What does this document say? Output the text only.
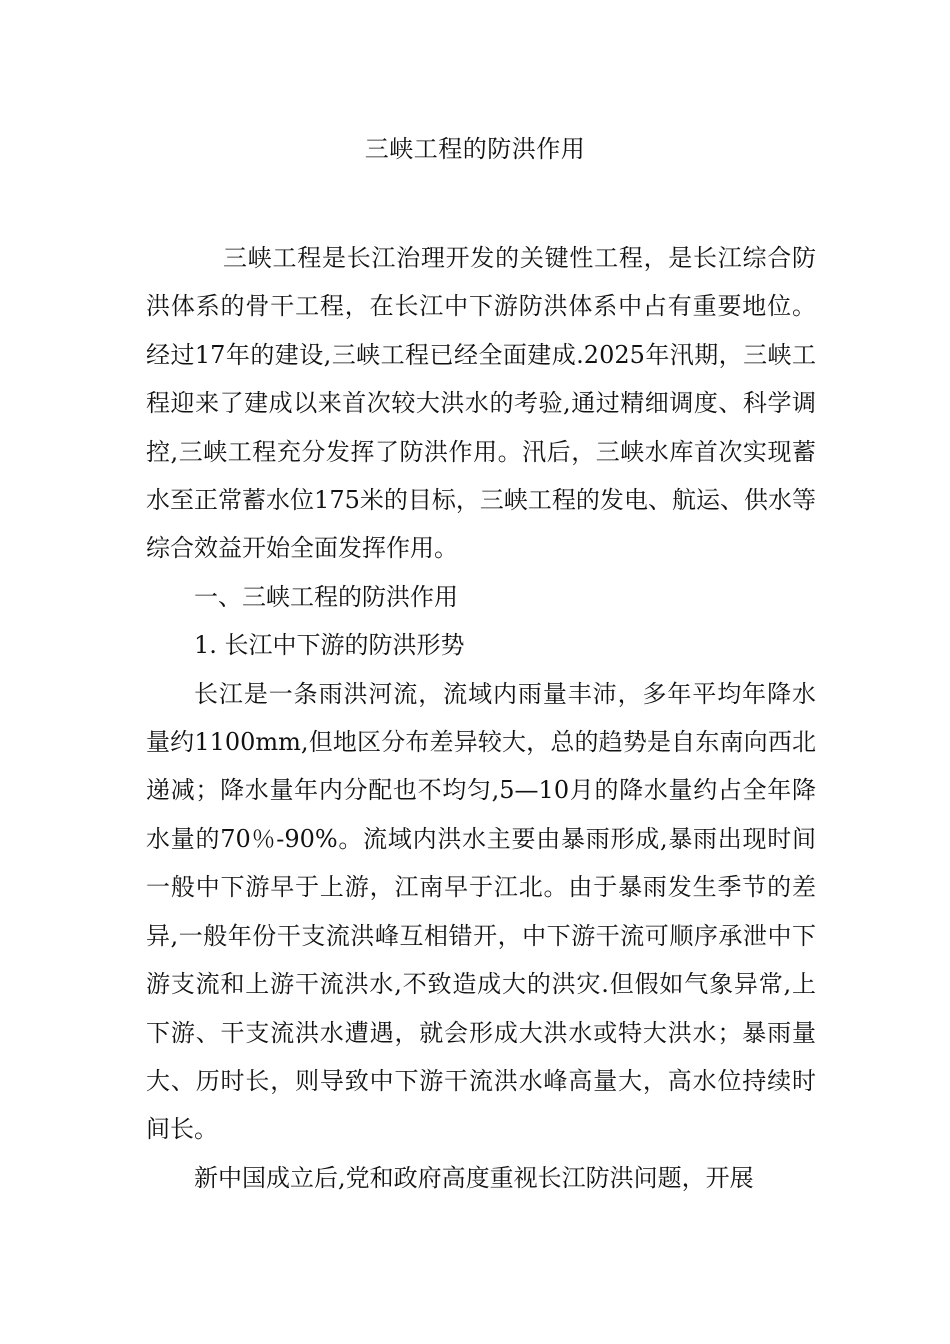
三峡工程的防洪作用

三峡工程是长江治理开发的关键性工程，是长江综合防洪体系的骨干工程，在长江中下游防洪体系中占有重要地位。经过17年的建设,三峡工程已经全面建成.2025年汛期，三峡工程迎来了建成以来首次较大洪水的考验,通过精细调度、科学调控,三峡工程充分发挥了防洪作用。汛后，三峡水库首次实现蓄水至正常蓄水位175米的目标，三峡工程的发电、航运、供水等综合效益开始全面发挥作用。

一、三峡工程的防洪作用

1. 长江中下游的防洪形势

长江是一条雨洪河流，流域内雨量丰沛，多年平均年降水量约1100mm,但地区分布差异较大，总的趋势是自东南向西北递减；降水量年内分配也不均匀,5—10月的降水量约占全年降水量的70％-90%。流域内洪水主要由暴雨形成,暴雨出现时间一般中下游早于上游，江南早于江北。由于暴雨发生季节的差异,一般年份干支流洪峰互相错开，中下游干流可顺序承泄中下游支流和上游干流洪水,不致造成大的洪灾.但假如气象异常,上下游、干支流洪水遭遇，就会形成大洪水或特大洪水；暴雨量大、历时长，则导致中下游干流洪水峰高量大，高水位持续时间长。

新中国成立后,党和政府高度重视长江防洪问题，开展
